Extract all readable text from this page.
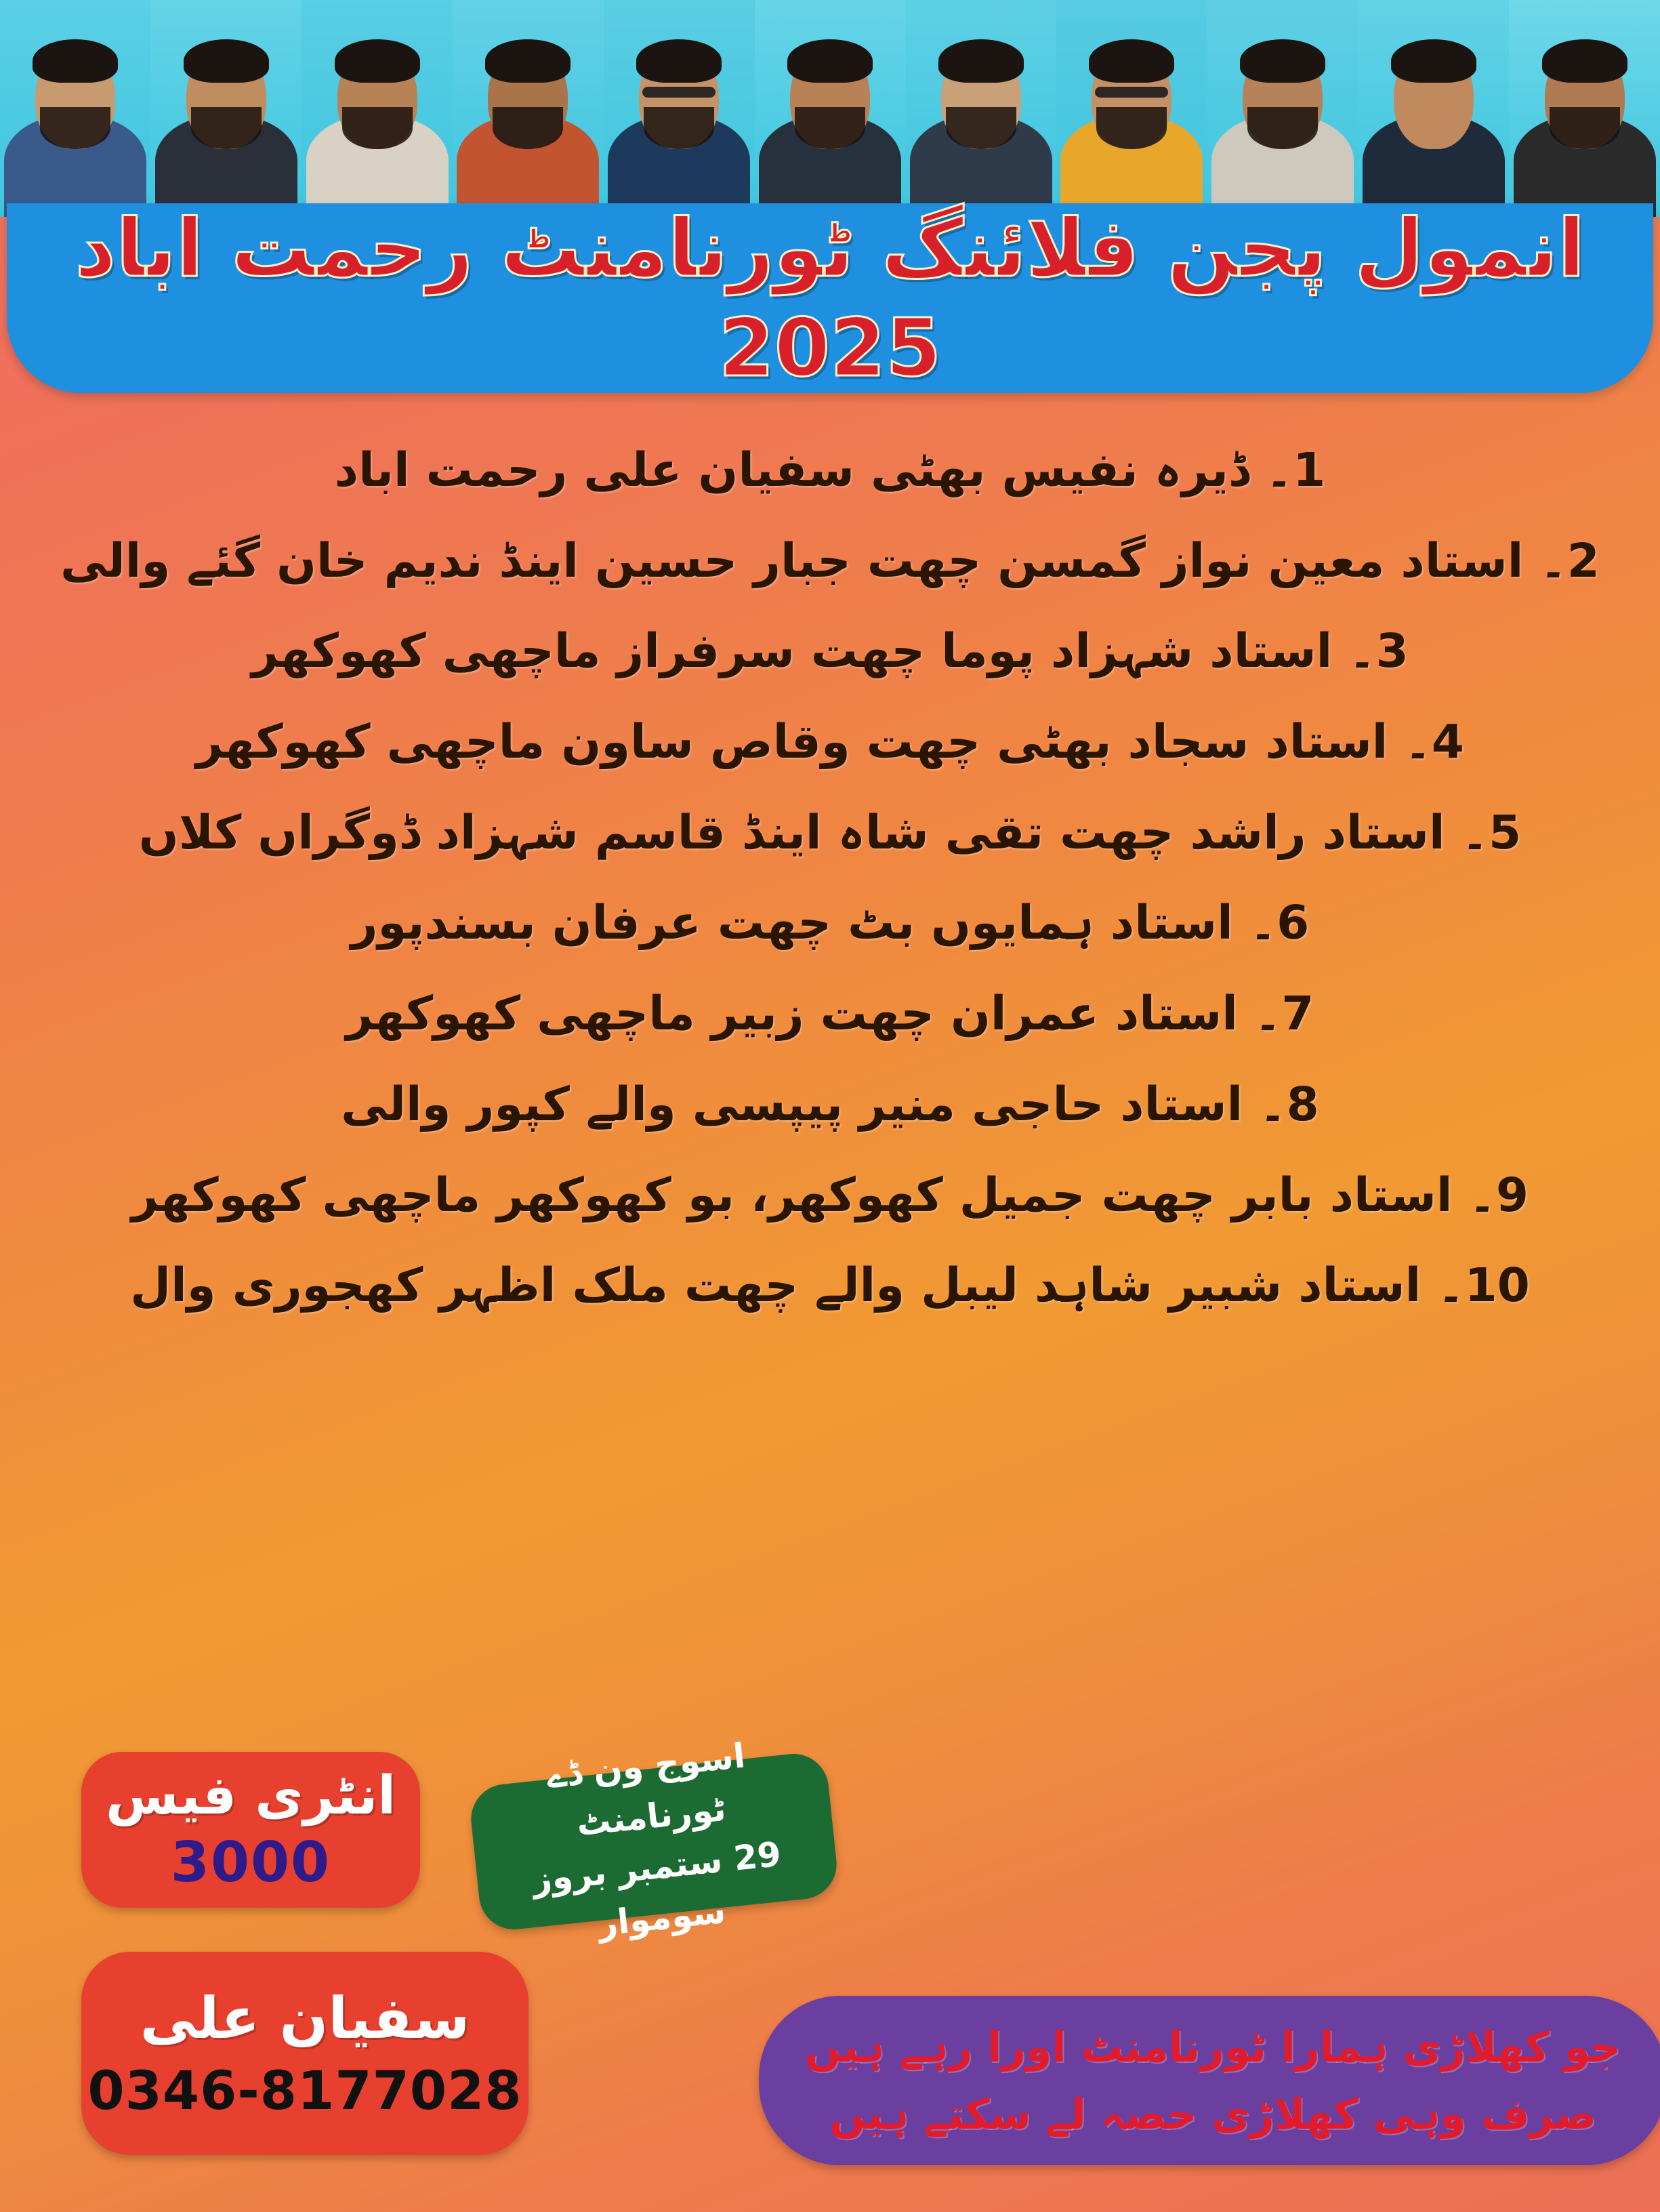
انمول پجن فلائنگ ٹورنامنٹ رحمت اباد 2025
1۔ ڈیرہ نفیس بھٹی سفیان علی رحمت اباد
2۔ استاد معین نواز گمسن چھت جبار حسین اینڈ ندیم خان گئے والی
3۔ استاد شہزاد پوما چھت سرفراز ماچھی کھوکھر
4۔ استاد سجاد بھٹی چھت وقاص ساون ماچھی کھوکھر
5۔ استاد راشد چھت تقی شاہ اینڈ قاسم شہزاد ڈوگراں کلاں
6۔ استاد ہمایوں بٹ چھت عرفان بسندپور
7۔ استاد عمران چھت زبیر ماچھی کھوکھر
8۔ استاد حاجی منیر پیپسی والے کپور والی
9۔ استاد بابر چھت جمیل کھوکھر، بو کھوکھر ماچھی کھوکھر
10۔ استاد شبیر شاہد لیبل والے چھت ملک اظہر کھجوری وال
انٹری فیس
3000
اسوج ون ڈے ٹورنامنٹ
29 ستمبر بروز سوموار
سفیان علی
0346-8177028
جو کھلاڑی ہمارا ٹورنامنٹ اورا رہے ہیں
صرف وہی کھلاڑی حصہ لے سکتے ہیں
